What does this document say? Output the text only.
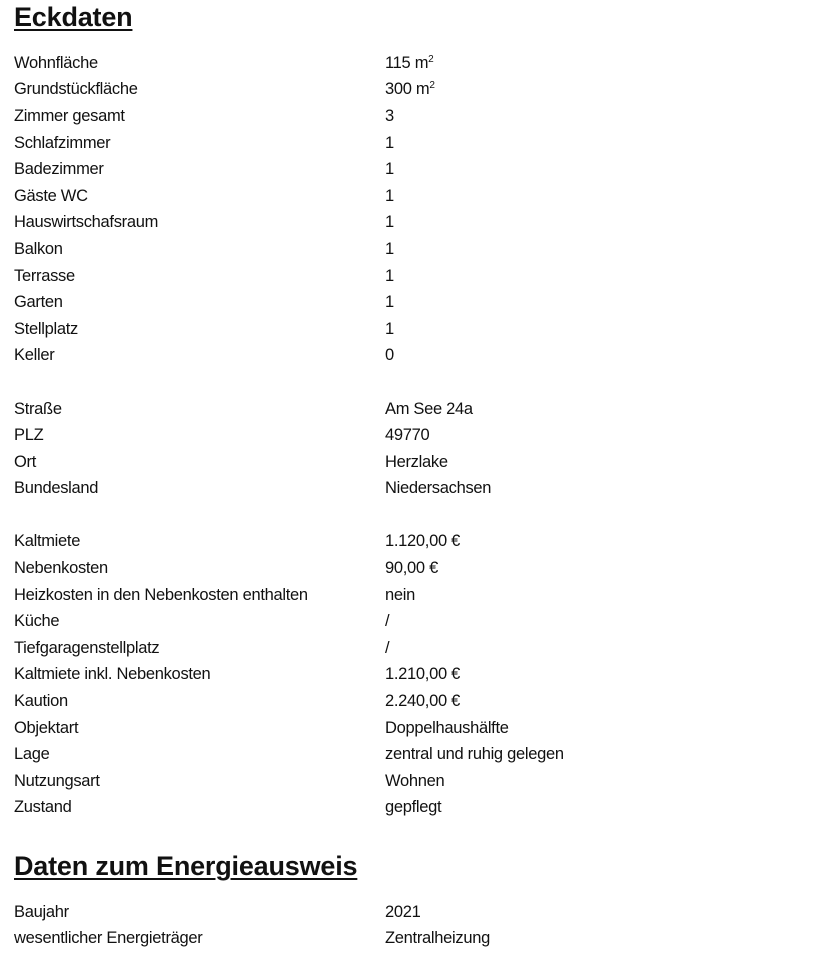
Eckdaten
Wohnfläche	115 $m^2$
Grundstückfläche	300 $m^2$
Zimmer gesamt	3
Schlafzimmer	1
Badezimmer	1
Gäste WC	1
Hauswirtschafsraum	1
Balkon	1
Terrasse	1
Garten	1
Stellplatz	1
Keller	0
Straße	Am See 24a
PLZ	49770
Ort	Herzlake
Bundesland	Niedersachsen
Kaltmiete	1.120,00 €
Nebenkosten	90,00 €
Heizkosten in den Nebenkosten enthalten	nein
Küche	/
Tiefgaragenstellplatz	/
Kaltmiete inkl. Nebenkosten	1.210,00 €
Kaution	2.240,00 €
Objektart	Doppelhaushälfte
Lage	zentral und ruhig gelegen
Nutzungsart	Wohnen
Zustand	gepflegt
Daten zum Energieausweis
Baujahr	2021
wesentlicher Energieträger	Zentralheizung
